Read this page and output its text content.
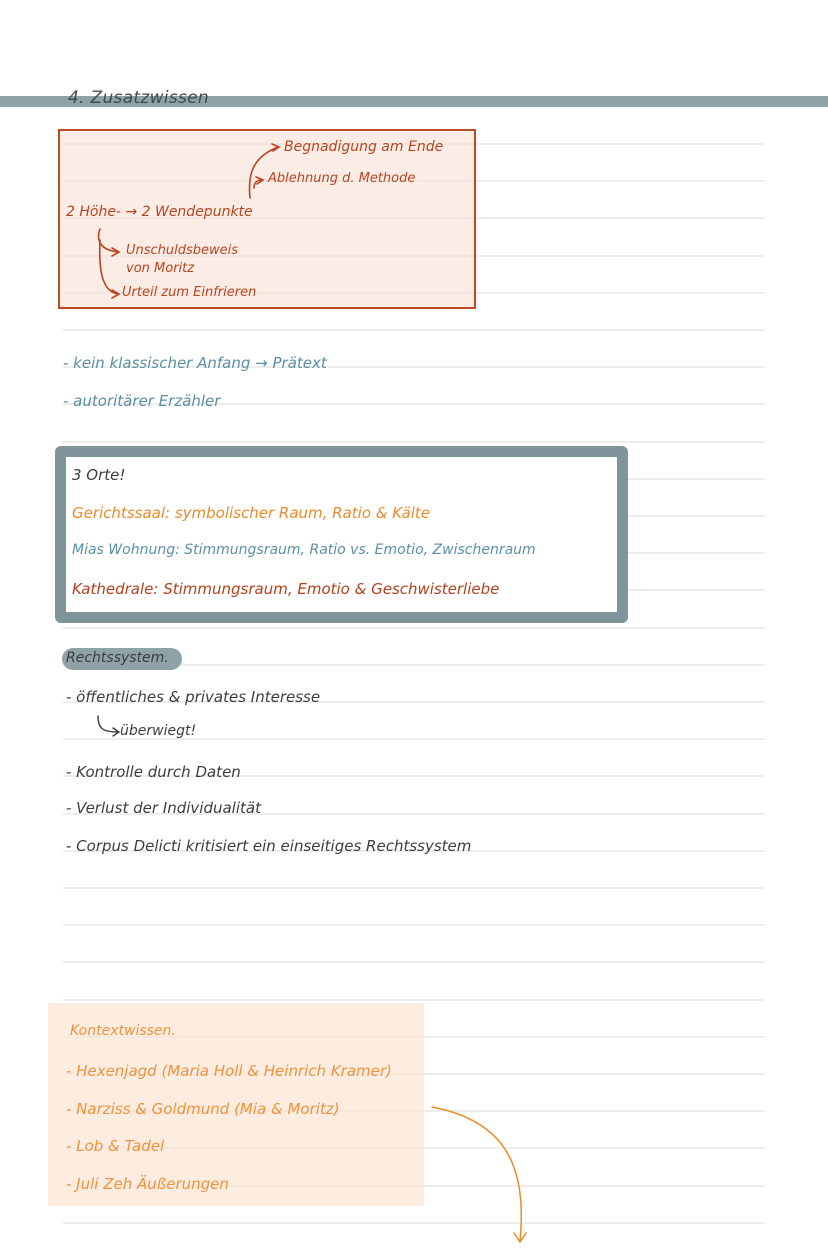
4. Zusatzwissen
Begnadigung am Ende
Ablehnung d. Methode
2 Höhe- → 2 Wendepunkte
Unschuldsbeweis
von Moritz
Urteil zum Einfrieren
- kein klassischer Anfang → Prätext
- autoritärer Erzähler
3 Orte!
Gerichtssaal: symbolischer Raum, Ratio & Kälte
Mias Wohnung: Stimmungsraum, Ratio vs. Emotio, Zwischenraum
Kathedrale: Stimmungsraum, Emotio & Geschwisterliebe
Rechtssystem.
- öffentliches & privates Interesse
überwiegt!
- Kontrolle durch Daten
- Verlust der Individualität
- Corpus Delicti kritisiert ein einseitiges Rechtssystem
Kontextwissen.
- Hexenjagd (Maria Holl & Heinrich Kramer)
- Narziss & Goldmund (Mia & Moritz)
- Lob & Tadel
- Juli Zeh Äußerungen
